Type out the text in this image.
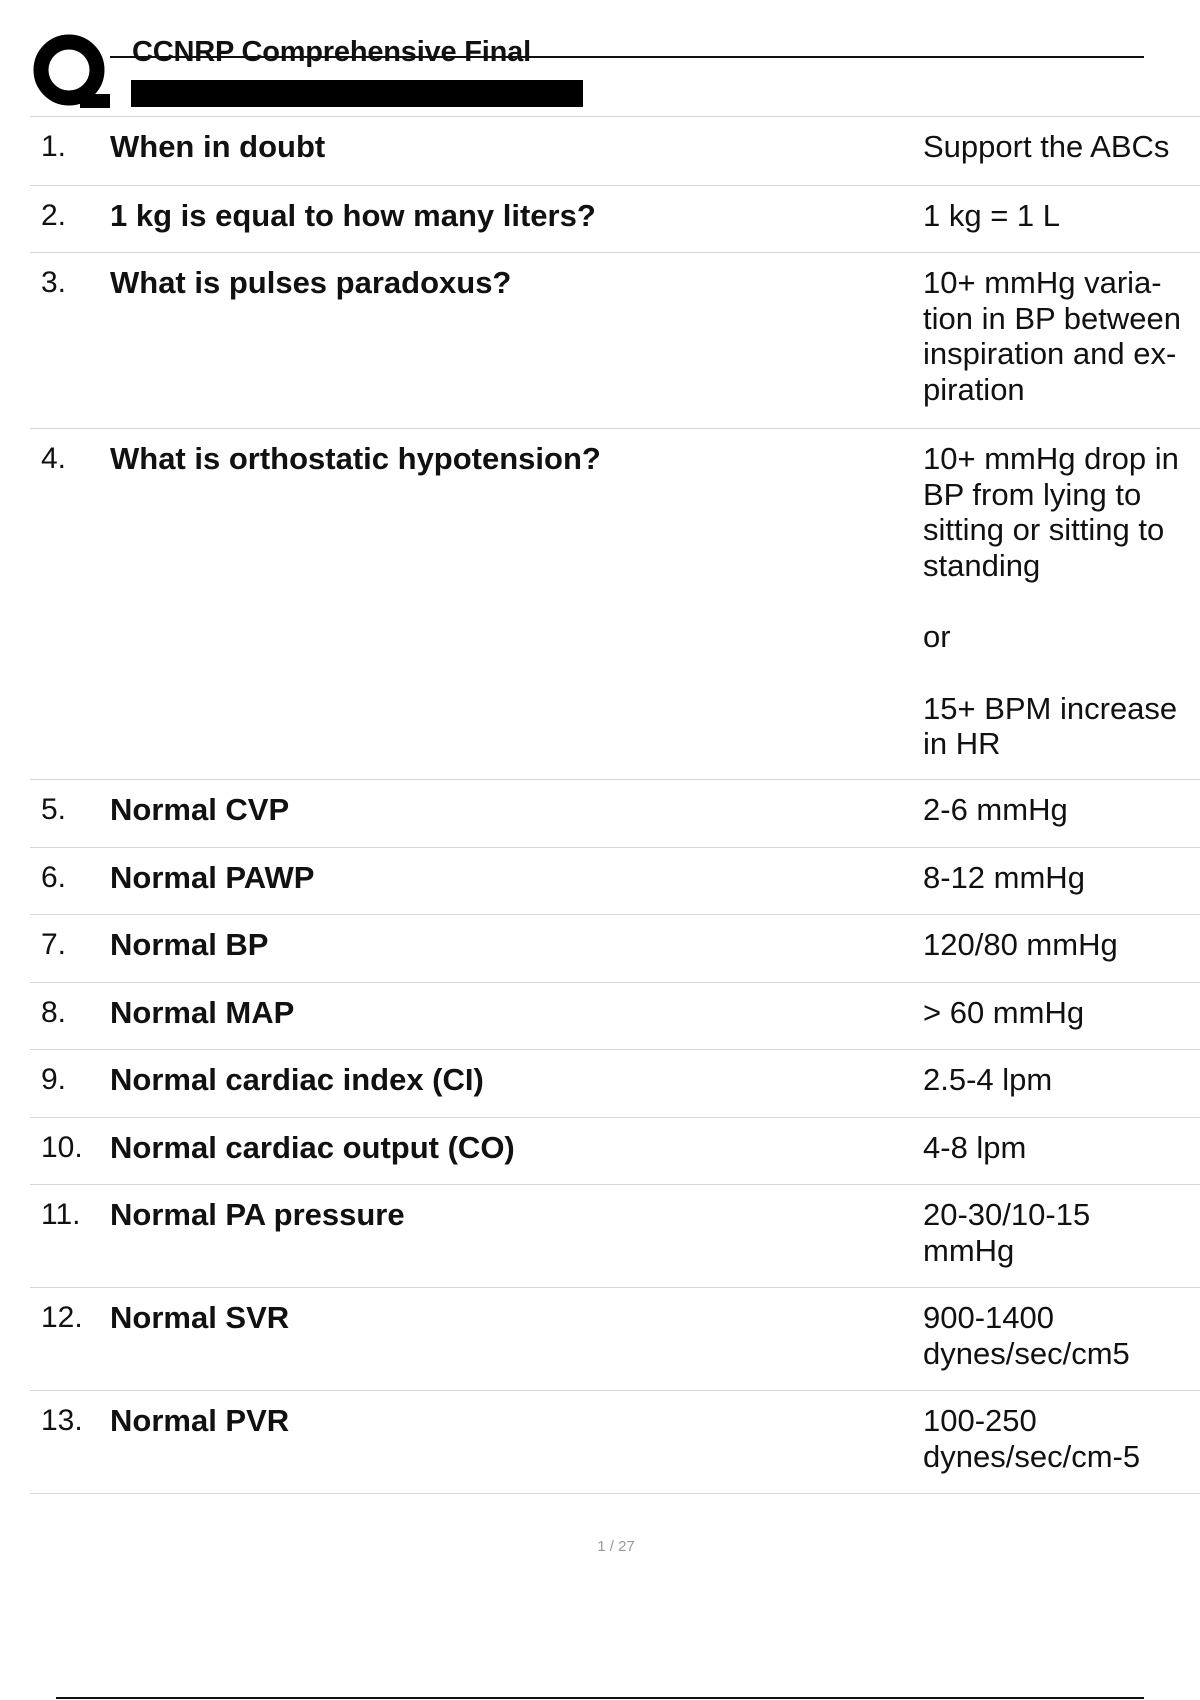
CCNRP Comprehensive Final
1. When in doubt	Support the ABCs
2. 1 kg is equal to how many liters?	1 kg = 1 L
3. What is pulses paradoxus?	10+ mmHg varia-
tion in BP between
inspiration and ex-
piration
4. What is orthostatic hypotension?	10+ mmHg drop in
BP from lying to
sitting or sitting to
standing
or
15+ BPM increase
in HR
5. Normal CVP	2-6 mmHg
6. Normal PAWP	8-12 mmHg
7. Normal BP	120/80 mmHg
8. Normal MAP	> 60 mmHg
9. Normal cardiac index (CI)	2.5-4 lpm
10. Normal cardiac output (CO)	4-8 lpm
11. Normal PA pressure	20-30/10-15
mmHg
12. Normal SVR	900-1400
dynes/sec/cm5
13. Normal PVR	100-250
dynes/sec/cm-5
1 / 27
